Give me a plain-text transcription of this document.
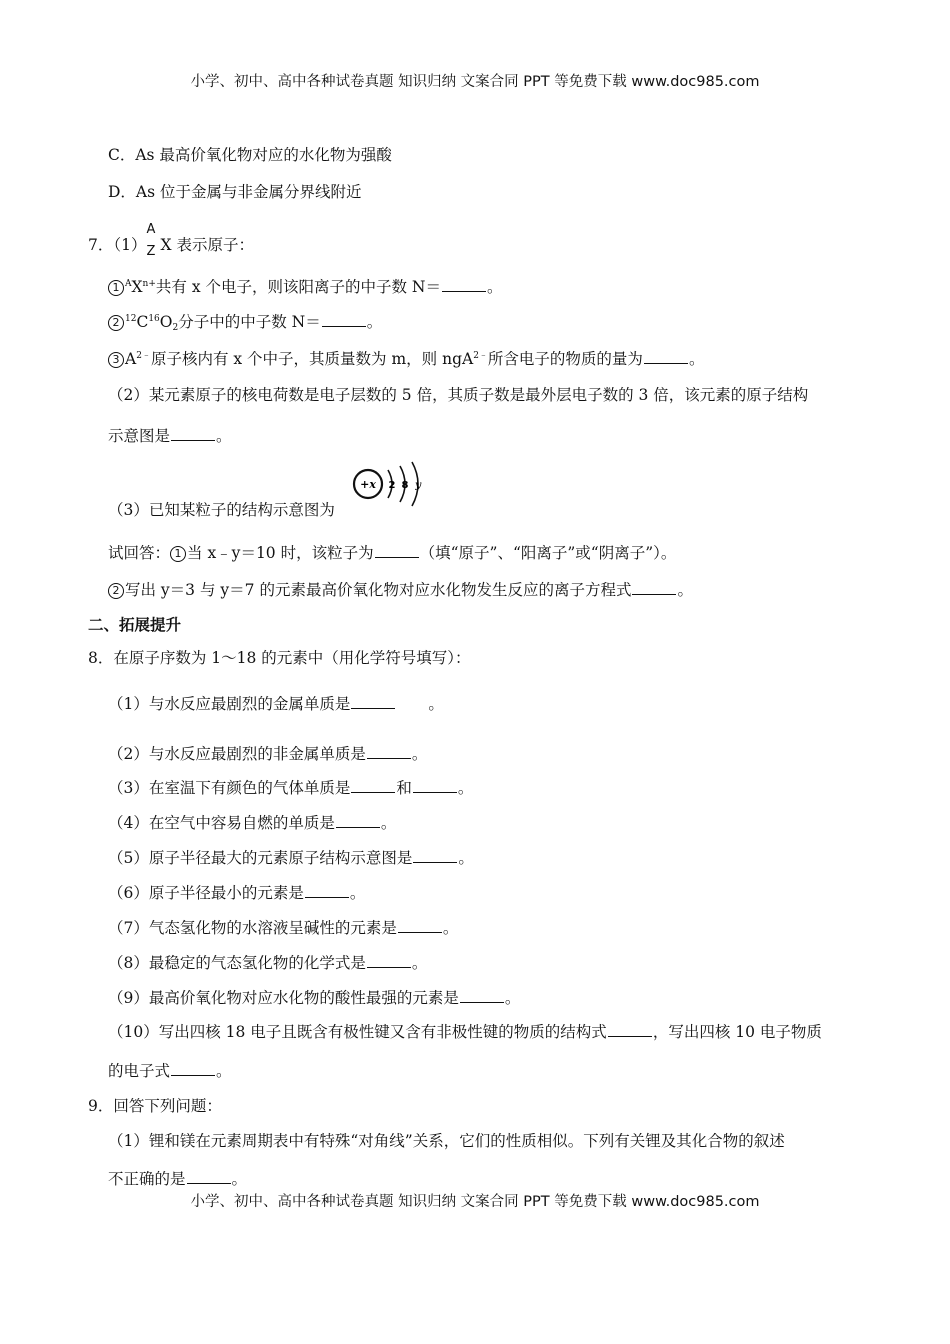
小学、初中、高中各种试卷真题 知识归纳 文案合同 PPT 等免费下载 www.doc985.com
C．As 最高价氧化物对应的水化物为强酸
D．As 位于金属与非金属分界线附近
7．（1）
A
Z X 表示原子：
1 $^AX^{n+}$共有 x 个电子，则该阳离子的中子数 N＝	。
2 $^{12}C^{16}O_2$分子中的中子数 N＝	。
3 $A^{2﹣}$原子核内有 x 个中子，其质量数为 m，则 ngA$^{2﹣}$所含电子的物质的量为	。
（2）某元素原子的核电荷数是电子层数的 5 倍，其质子数是最外层电子数的 3 倍，该元素的原子结构
示意图是	。
+x 2 8 y
（3）已知某粒子的结构示意图为
试回答： 1 当 x﹣y＝10 时，该粒子为	（填“原子”、“阳离子”或“阴离子”）。
2 写出 y＝3 与 y＝7 的元素最高价氧化物对应水化物发生反应的离子方程式	。
二、拓展提升
8．在原子序数为 1～18 的元素中（用化学符号填写）：
（1）与水反应最剧烈的金属单质是	。
（2）与水反应最剧烈的非金属单质是	。
（3）在室温下有颜色的气体单质是	和	。
（4）在空气中容易自燃的单质是	。
（5）原子半径最大的元素原子结构示意图是	。
（6）原子半径最小的元素是	。
（7）气态氢化物的水溶液呈碱性的元素是	。
（8）最稳定的气态氢化物的化学式是	。
（9）最高价氧化物对应水化物的酸性最强的元素是	。
（10）写出四核 18 电子且既含有极性键又含有非极性键的物质的结构式	，写出四核 10 电子物质
的电子式	。
9．回答下列问题：
（1）锂和镁在元素周期表中有特殊“对角线”关系，它们的性质相似。下列有关锂及其化合物的叙述
不正确的是	。
小学、初中、高中各种试卷真题 知识归纳 文案合同 PPT 等免费下载 www.doc985.com
